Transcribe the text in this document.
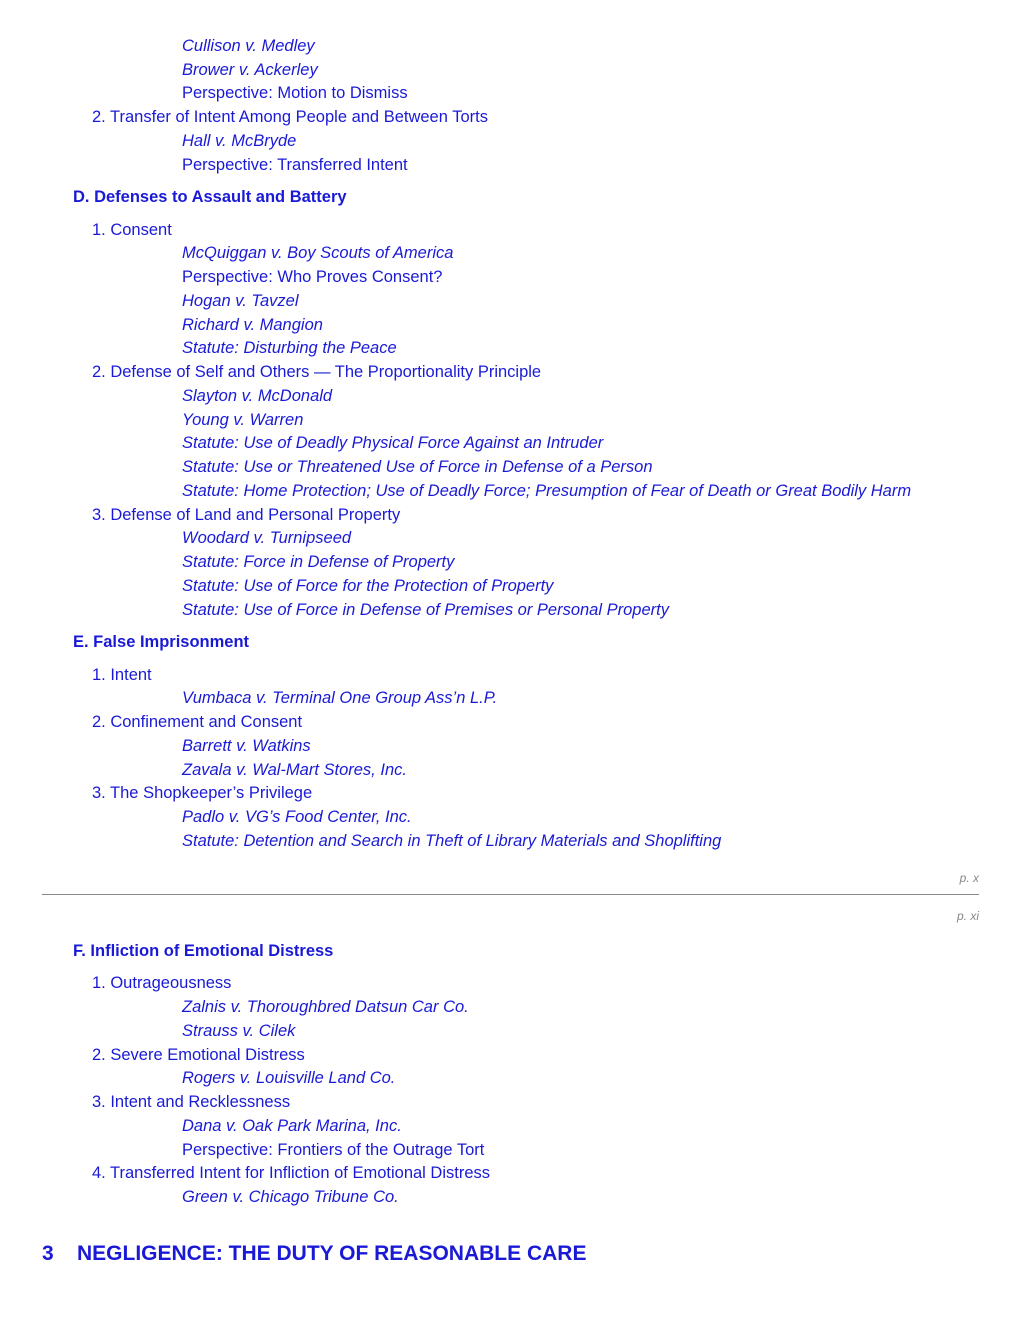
Cullison v. Medley
Brower v. Ackerley
Perspective: Motion to Dismiss
2. Transfer of Intent Among People and Between Torts
Hall v. McBryde
Perspective: Transferred Intent
D. Defenses to Assault and Battery
1. Consent
McQuiggan v. Boy Scouts of America
Perspective: Who Proves Consent?
Hogan v. Tavzel
Richard v. Mangion
Statute: Disturbing the Peace
2. Defense of Self and Others — The Proportionality Principle
Slayton v. McDonald
Young v. Warren
Statute: Use of Deadly Physical Force Against an Intruder
Statute: Use or Threatened Use of Force in Defense of a Person
Statute: Home Protection; Use of Deadly Force; Presumption of Fear of Death or Great Bodily Harm
3. Defense of Land and Personal Property
Woodard v. Turnipseed
Statute: Force in Defense of Property
Statute: Use of Force for the Protection of Property
Statute: Use of Force in Defense of Premises or Personal Property
E. False Imprisonment
1. Intent
Vumbaca v. Terminal One Group Ass’n L.P.
2. Confinement and Consent
Barrett v. Watkins
Zavala v. Wal-Mart Stores, Inc.
3. The Shopkeeper’s Privilege
Padlo v. VG’s Food Center, Inc.
Statute: Detention and Search in Theft of Library Materials and Shoplifting
F. Infliction of Emotional Distress
1. Outrageousness
Zalnis v. Thoroughbred Datsun Car Co.
Strauss v. Cilek
2. Severe Emotional Distress
Rogers v. Louisville Land Co.
3. Intent and Recklessness
Dana v. Oak Park Marina, Inc.
Perspective: Frontiers of the Outrage Tort
4. Transferred Intent for Infliction of Emotional Distress
Green v. Chicago Tribune Co.
p. x
p. xi
3 NEGLIGENCE: THE DUTY OF REASONABLE CARE
